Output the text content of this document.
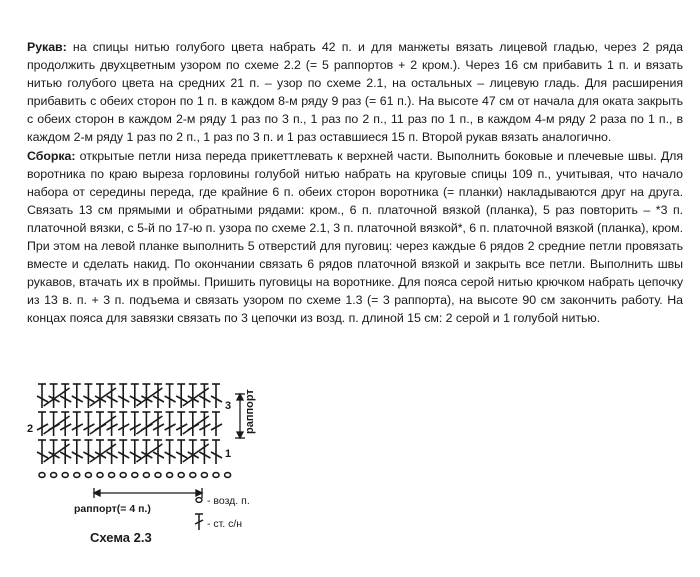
Рукав: на спицы нитью голубого цвета набрать 42 п. и для манжеты вязать лицевой гладью, через 2 ряда продолжить двухцветным узором по схеме 2.2 (= 5 раппортов + 2 кром.). Через 16 см прибавить 1 п. и вязать нитью голубого цвета на средних 21 п. – узор по схеме 2.1, на остальных – лицевую гладь. Для расширения прибавить с обеих сторон по 1 п. в каждом 8-м ряду 9 раз (= 61 п.). На высоте 47 см от начала для оката закрыть с обеих сторон в каждом 2-м ряду 1 раз по 3 п., 1 раз по 2 п., 11 раз по 1 п., в каждом 4-м ряду 2 раза по 1 п., в каждом 2-м ряду 1 раз по 2 п., 1 раз по 3 п. и 1 раз оставшиеся 15 п. Второй рукав вязать аналогично.

Сборка: открытые петли низа переда прикеттлевать к верхней части. Выполнить боковые и плечевые швы. Для воротника по краю выреза горловины голубой нитью набрать на круговые спицы 109 п., учитывая, что начало набора от середины переда, где крайние 6 п. обеих сторон воротника (= планки) накладываются друг на друга. Связать 13 см прямыми и обратными рядами: кром., 6 п. платочной вязкой (планка), 5 раз повторить – *3 п. платочной вязки, с 5-й по 17-ю п. узора по схеме 2.1, 3 п. платочной вязкой*, 6 п. платочной вязкой (планка), кром. При этом на левой планке выполнить 5 отверстий для пуговиц: через каждые 6 рядов 2 средние петли провязать вместе и сделать накид. По окончании связать 6 рядов платочной вязкой и закрыть все петли. Выполнить швы рукавов, втачать их в проймы. Пришить пуговицы на воротнике. Для пояса серой нитью крючком набрать цепочку из 13 в. п. + 3 п. подъема и связать узором по схеме 1.3 (= 3 раппорта), на высоте 90 см закончить работу. На концах пояса для завязки связать по 3 цепочки из возд. п. длиной 15 см: 2 серой и 1 голубой нитью.

3
2
1
раппорт
раппорт(= 4 п.)
- возд. п.
- ст. с/н
Схема 2.3
